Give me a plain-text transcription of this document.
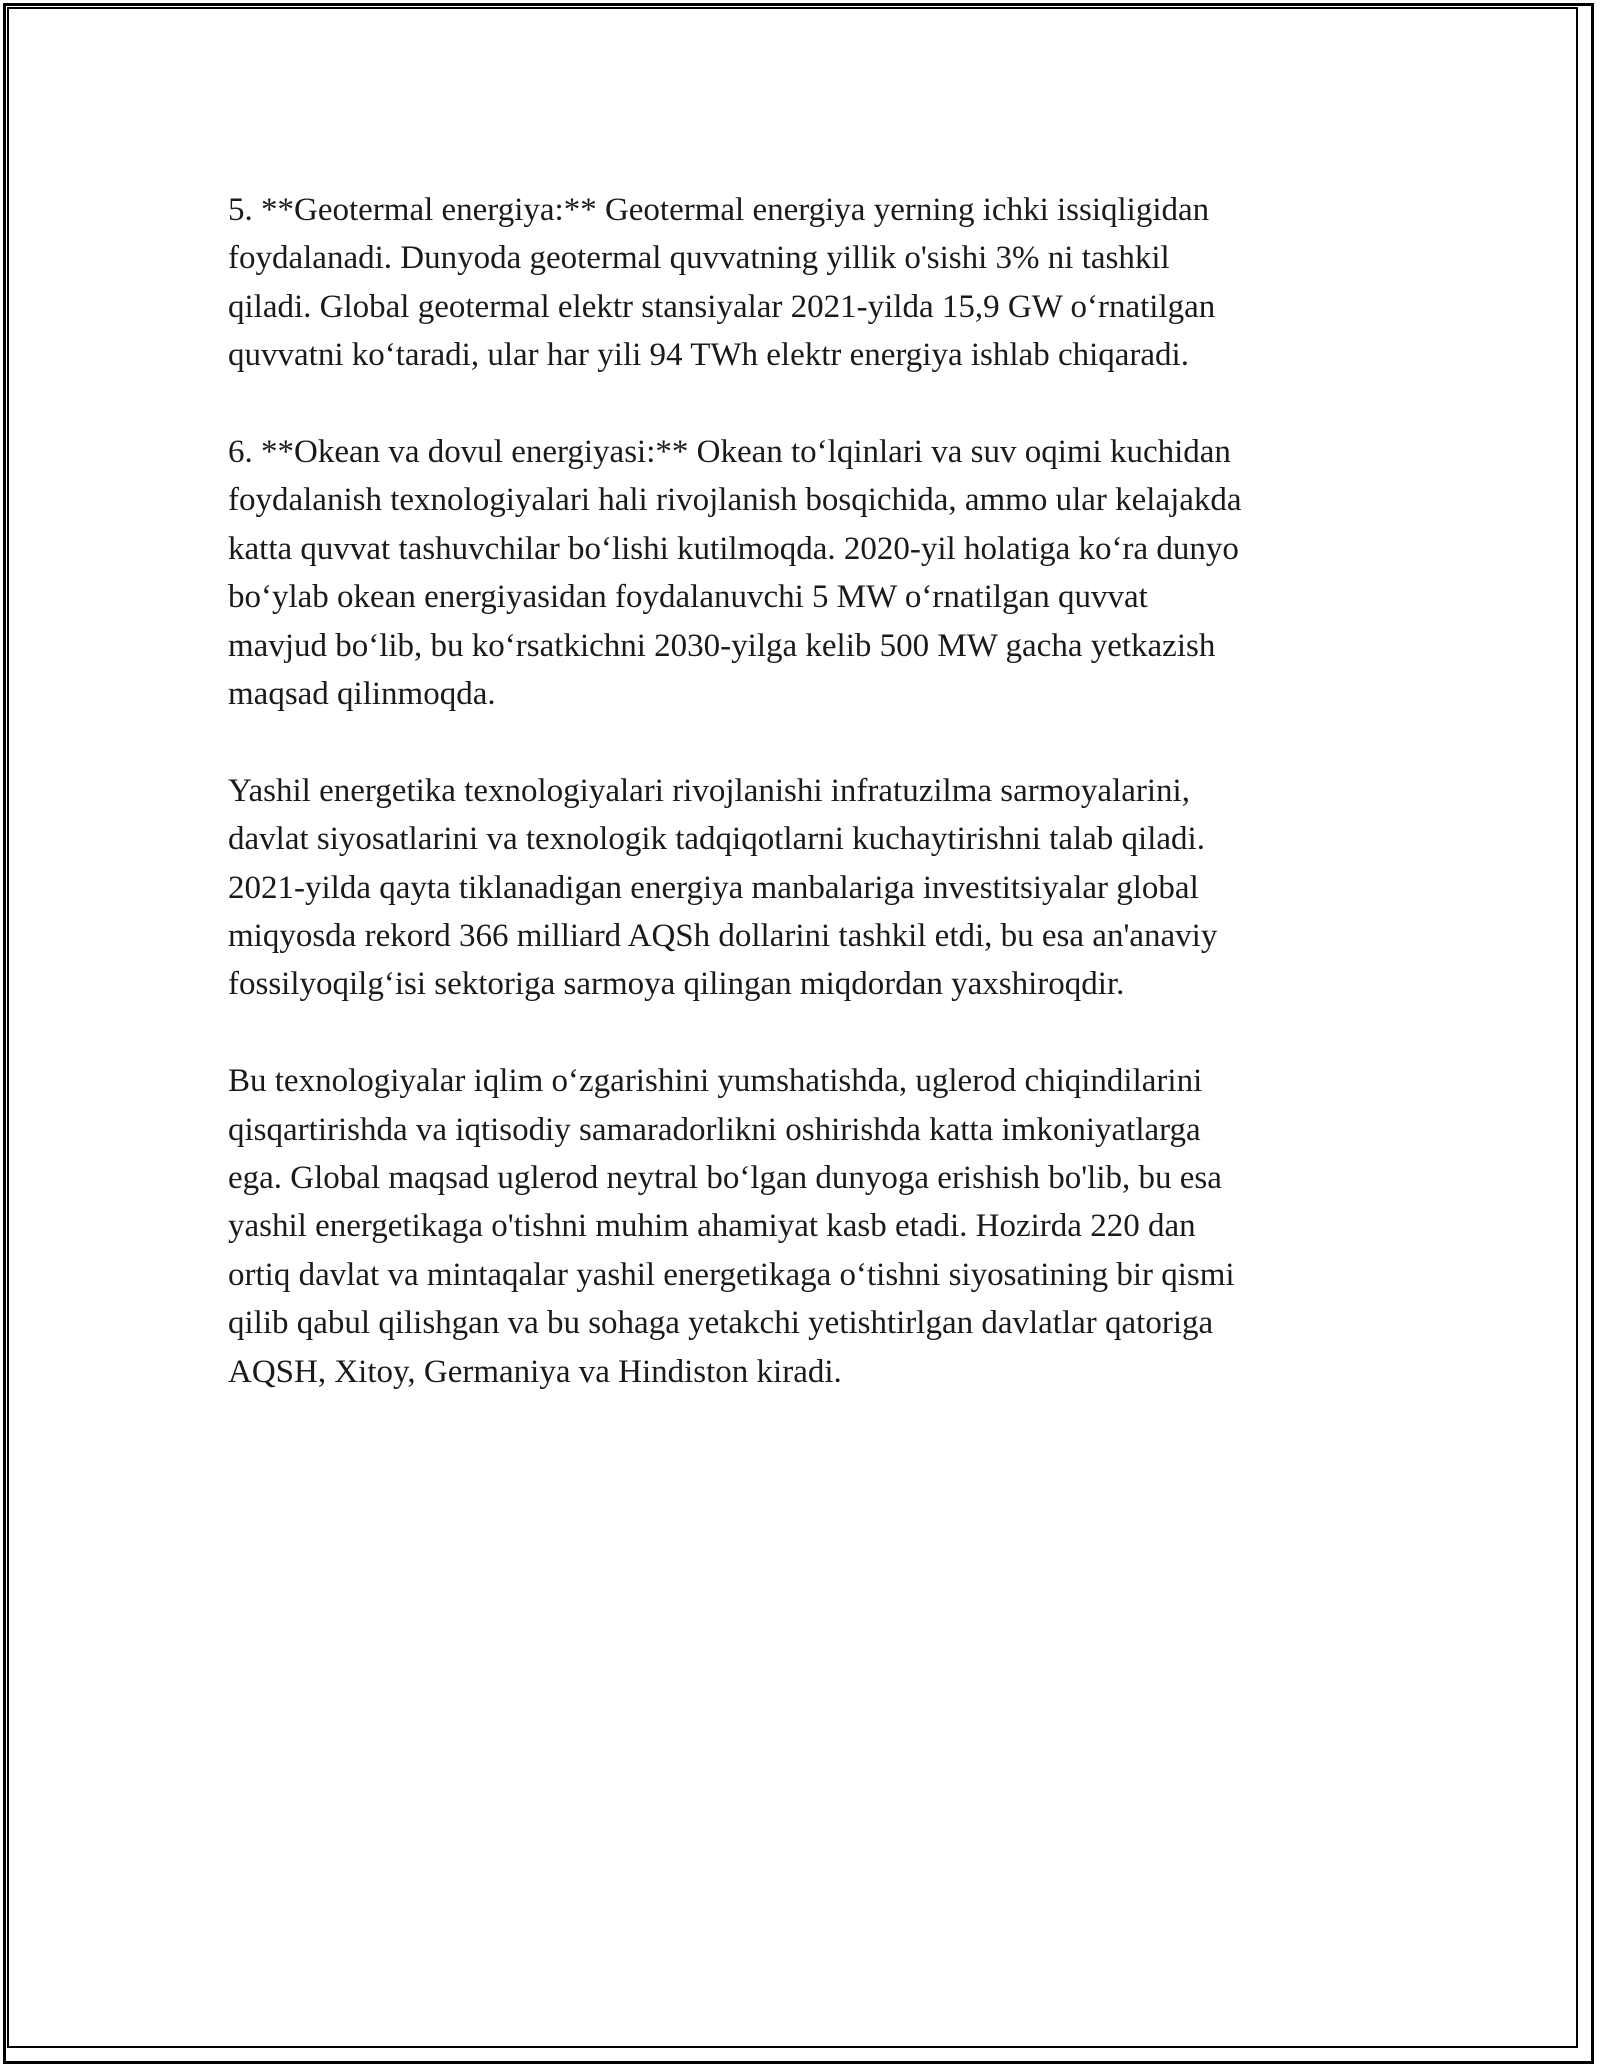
5. **Geotermal energiya:** Geotermal energiya yerning ichki issiqligidan
foydalanadi. Dunyoda geotermal quvvatning yillik o'sishi 3% ni tashkil
qiladi. Global geotermal elektr stansiyalar 2021-yilda 15,9 GW oʻrnatilgan
quvvatni koʻtaradi, ular har yili 94 TWh elektr energiya ishlab chiqaradi.

6. **Okean va dovul energiyasi:** Okean toʻlqinlari va suv oqimi kuchidan
foydalanish texnologiyalari hali rivojlanish bosqichida, ammo ular kelajakda
katta quvvat tashuvchilar boʻlishi kutilmoqda. 2020-yil holatiga koʻra dunyo
boʻylab okean energiyasidan foydalanuvchi 5 MW oʻrnatilgan quvvat
mavjud boʻlib, bu koʻrsatkichni 2030-yilga kelib 500 MW gacha yetkazish
maqsad qilinmoqda.

Yashil energetika texnologiyalari rivojlanishi infratuzilma sarmoyalarini,
davlat siyosatlarini va texnologik tadqiqotlarni kuchaytirishni talab qiladi.
2021-yilda qayta tiklanadigan energiya manbalariga investitsiyalar global
miqyosda rekord 366 milliard AQSh dollarini tashkil etdi, bu esa an'anaviy
fossilyoqilgʻisi sektoriga sarmoya qilingan miqdordan yaxshiroqdir.

Bu texnologiyalar iqlim oʻzgarishini yumshatishda, uglerod chiqindilarini
qisqartirishda va iqtisodiy samaradorlikni oshirishda katta imkoniyatlarga
ega. Global maqsad uglerod neytral boʻlgan dunyoga erishish bo'lib, bu esa
yashil energetikaga o'tishni muhim ahamiyat kasb etadi. Hozirda 220 dan
ortiq davlat va mintaqalar yashil energetikaga oʻtishni siyosatining bir qismi
qilib qabul qilishgan va bu sohaga yetakchi yetishtirlgan davlatlar qatoriga
AQSH, Xitoy, Germaniya va Hindiston kiradi.
